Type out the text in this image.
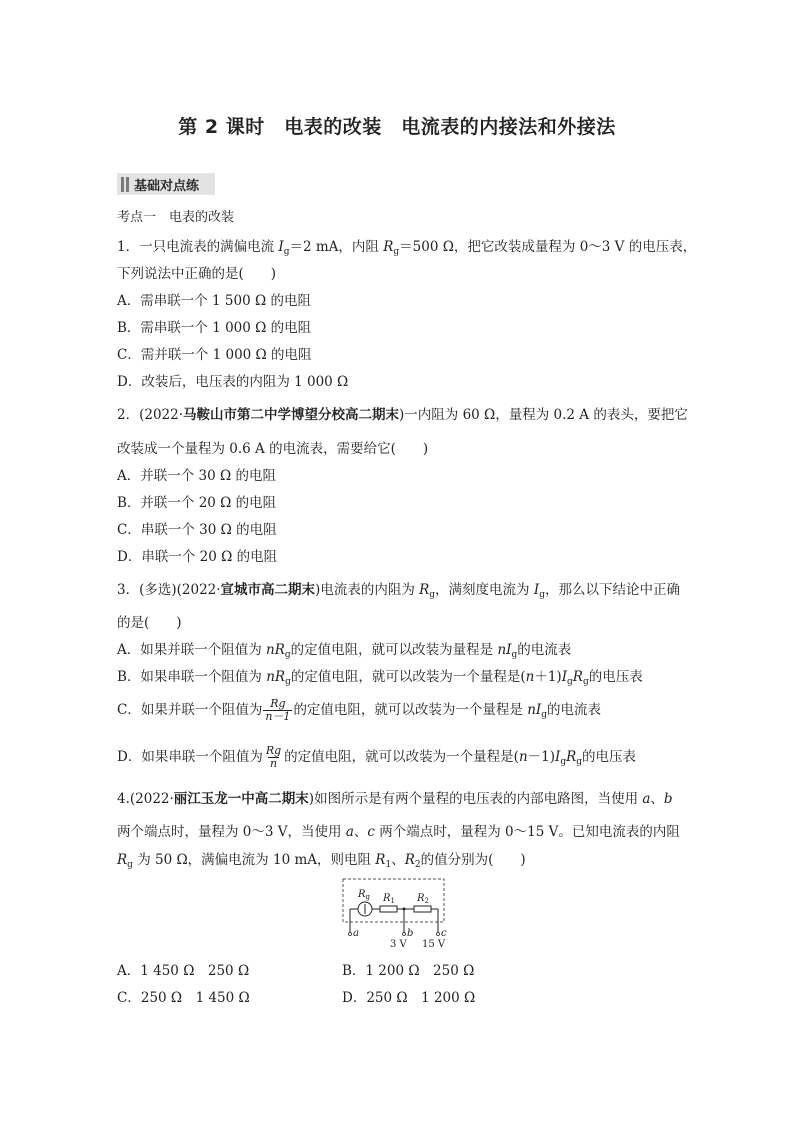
第 2 课时　电表的改装　电流表的内接法和外接法
基础对点练
考点一　电表的改装
1．一只电流表的满偏电流 $I_g=2$ mA，内阻 $R_g=500$ Ω，把它改装成量程为 0～3 V 的电压表，
下列说法中正确的是(　　)
A．需串联一个 1 500 Ω 的电阻
B．需串联一个 1 000 Ω 的电阻
C．需并联一个 1 000 Ω 的电阻
D．改装后，电压表的内阻为 1 000 Ω
2．(2022·马鞍山市第二中学博望分校高二期末)一内阻为 60 Ω，量程为 0.2 A 的表头，要把它
改装成一个量程为 0.6 A 的电流表，需要给它(　　)
A．并联一个 30 Ω 的电阻
B．并联一个 20 Ω 的电阻
C．串联一个 30 Ω 的电阻
D．串联一个 20 Ω 的电阻
3．(多选)(2022·宣城市高二期末)电流表的内阻为 $R_g$，满刻度电流为 $I_g$，那么以下结论中正确
的是(　　)
A．如果并联一个阻值为 $nR_g$的定值电阻，就可以改装为量程是 $nI_g$的电流表
B．如果串联一个阻值为 $nR_g$的定值电阻，就可以改装为一个量程是$(n+1)I_gR_g$的电压表
C．如果并联一个阻值为 $\frac{Rg}{n-1}$ 的定值电阻，就可以改装为一个量程是 $nI_g$的电流表
D．如果串联一个阻值为 $\frac{Rg}{n}$ 的定值电阻，就可以改装为一个量程是$(n-1)I_gR_g$的电压表
4.(2022·丽江玉龙一中高二期末)如图所示是有两个量程的电压表的内部电路图，当使用 a、b
两个端点时，量程为 0～3 V，当使用 a、c 两个端点时，量程为 0～15 V。已知电流表的内阻
$R_g$ 为 50 Ω，满偏电流为 10 mA，则电阻 $R_1$、$R_2$的值分别为(　　)
$R_g$ $R_1$ $R_2$
a	b	c
3 V 15 V
A．1 450 Ω　250 Ω	B．1 200 Ω　250 Ω
C．250 Ω　1 450 Ω	D．250 Ω　1 200 Ω
